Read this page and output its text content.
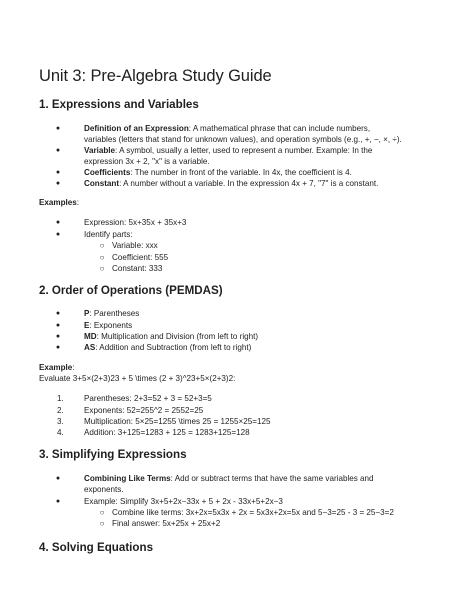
Unit 3: Pre-Algebra Study Guide
1. Expressions and Variables
●	Definition of an Expression: A mathematical phrase that can include numbers,
variables (letters that stand for unknown values), and operation symbols (e.g., +, −, ×, ÷).
●	Variable: A symbol, usually a letter, used to represent a number. Example: In the
expression 3x + 2, "x" is a variable.
●	Coefficients: The number in front of the variable. In 4x, the coefficient is 4.
●	Constant: A number without a variable. In the expression 4x + 7, "7" is a constant.
Examples:
●	Expression: 5x+35x + 35x+3
●	Identify parts:
○ Variable: xxx
○ Coefficient: 555
○ Constant: 333
2. Order of Operations (PEMDAS)
●	P: Parentheses
●	E: Exponents
●	MD: Multiplication and Division (from left to right)
●	AS: Addition and Subtraction (from left to right)
Example:
Evaluate 3+5×(2+3)23 + 5 \times (2 + 3)^23+5×(2+3)2:
1.	Parentheses: 2+3=52 + 3 = 52+3=5
2.	Exponents: 52=255^2 = 2552=25
3.	Multiplication: 5×25=1255 \times 25 = 1255×25=125
4.	Addition: 3+125=1283 + 125 = 1283+125=128
3. Simplifying Expressions
●	Combining Like Terms: Add or subtract terms that have the same variables and
exponents.
●	Example: Simplify 3x+5+2x−33x + 5 + 2x - 33x+5+2x−3
○ Combine like terms: 3x+2x=5x3x + 2x = 5x3x+2x=5x and 5−3=25 - 3 = 25−3=2
○ Final answer: 5x+25x + 25x+2
4. Solving Equations
